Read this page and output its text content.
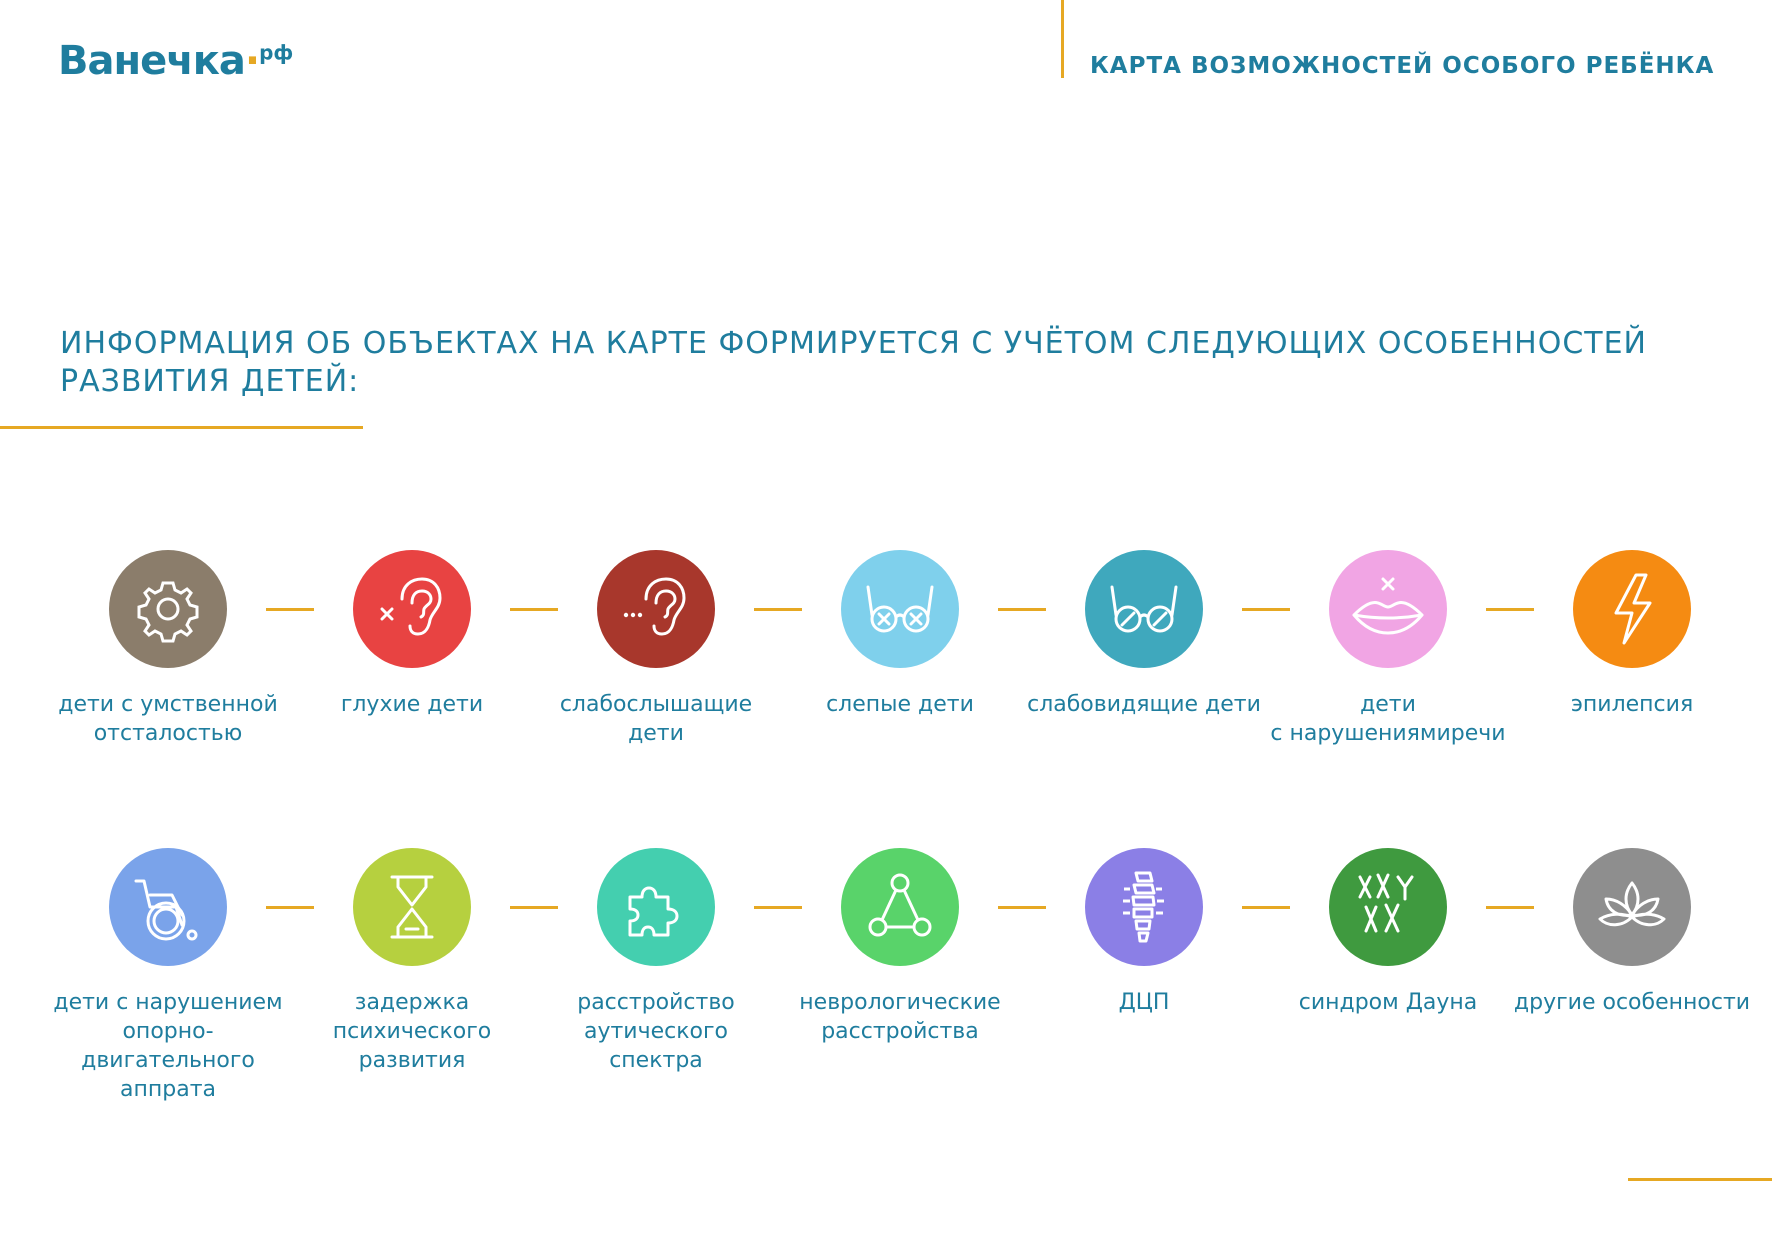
Ванечка·$^{рф}$
КАРТА ВОЗМОЖНОСТЕЙ ОСОБОГО РЕБЁНКА
ИНФОРМАЦИЯ ОБ ОБЪЕКТАХ НА КАРТЕ ФОРМИРУЕТСЯ С УЧЁТОМ СЛЕДУЮЩИХ ОСОБЕННОСТЕЙ РАЗВИТИЯ ДЕТЕЙ:
дети с умственной
отсталостью
глухие дети	слабослышащие
дети
слепые дети	слабовидящие дети	дети
с нарушениямиречи
эпилепсия
дети с нарушением
опорно-
двигательного
аппрата
задержка
психического
развития
расстройство
аутического спектра
неврологические
расстройства
ДЦП	синдром Дауна	другие особенности
